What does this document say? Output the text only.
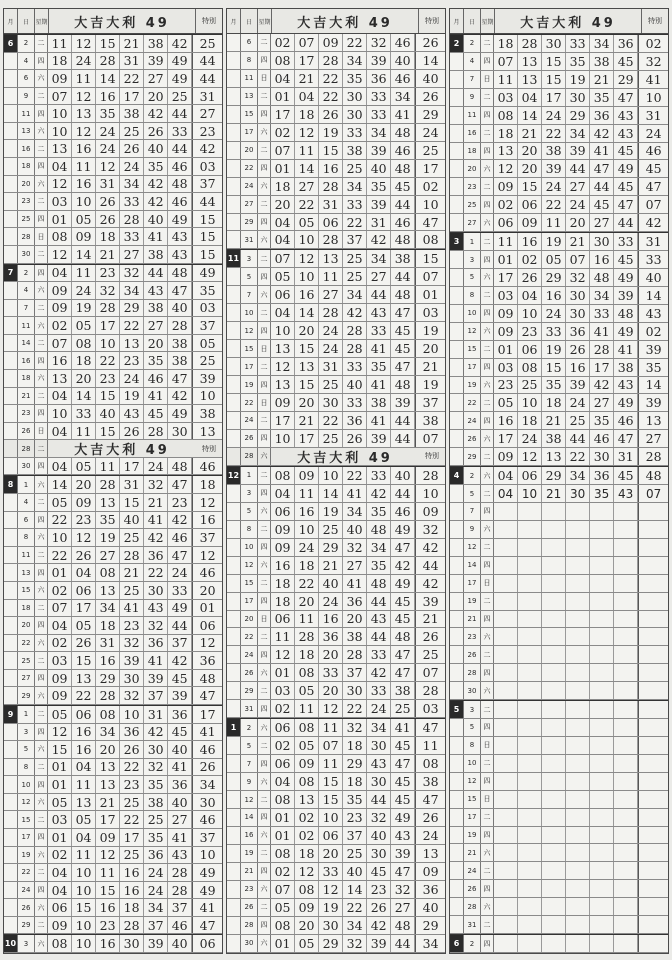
月	日	星期	大吉大利 49	特別
6	2	二 11 12 15 21 38 42 25
4	四 18 24 28 31 39 49 44
6	六 09 11 14 22 27 49 44
9	二 07 12 16 17 20 25 31
11	四 10 13 35 38 42 44 27
13	六 10 12 24 25 26 33 23
16	二 13 16 24 26 40 44 42
18	四 04 11 12 24 35 46 03
20	六 12 16 31 34 42 48 37
23	二 03 10 26 33 42 46 44
25	四 01 05 26 28 40 49 15
28	日 08 09 18 33 41 43 15
30	二 12 14 21 27 38 43 15
7	2	四 04 11 23 32 44 48 49
4	六 09 24 32 34 43 47 35
7	二 09 19 28 29 38 40 03
11	六 02 05 17 22 27 28 37
14	二 07 08 10 13 20 38 05
16	四 16 18 22 23 35 38 25
18	六 13 20 23 24 46 47 39
21	二 04 14 15 19 41 42 10
23	四 10 33 40 43 45 49 38
26	日 04 11 15 26 28 30 13
28	二	大吉大利 49	特別
30	四 04 05 11 17 24 48 46
8	1	六 14 20 28 31 32 47 18
4	二 05 09 13 15 21 23 12
6	四 22 23 35 40 41 42 16
8	六 10 12 19 25 42 46 37
11	二 22 26 27 28 36 47 12
13	四 01 04 08 21 22 24 46
15	六 02 06 13 25 30 33 20
18	二 07 17 34 41 43 49 01
20	四 04 05 18 23 32 44 06
22	六 02 26 31 32 36 37 12
25	二 03 15 16 39 41 42 36
27	四 09 13 29 30 39 45 48
29	六 09 22 28 32 37 39 47
9	1	二 05 06 08 10 31 36 17
3	四 12 16 34 36 42 45 41
5	六 15 16 20 26 30 40 46
8	二 01 04 13 22 32 41 26
10	四 01 11 13 23 35 36 34
12	六 05 13 21 25 38 40 30
15	二 03 05 17 22 25 27 46
17	四 01 04 09 17 35 41 37
19	六 02 11 12 25 36 43 10
22	二 04 10 11 16 24 28 49
24	四 04 10 15 16 24 28 49
26	六 06 15 16 18 34 37 41
29	二 09 10 23 28 37 46 47
10	3	六 08 10 16 30 39 40 06
月	日	星期	大吉大利 49	特別
6	二 02 07 09 22 32 46 26
8	四 08 17 28 34 39 40 14
11	日 04 21 22 35 36 46 40
13	二 01 04 22 30 33 34 26
15	四 17 18 26 30 33 41 29
17	六 02 12 19 33 34 48 24
20	二 07 11 15 38 39 46 25
22	四 01 14 16 25 40 48 17
24	六 18 27 28 34 35 45 02
27	二 20 22 31 33 39 44 10
29	四 04 05 06 22 31 46 47
31	六 04 10 28 37 42 48 08
11	3	二 07 12 13 25 34 38 15
5	四 05 10 11 25 27 44 07
7	六 06 16 27 34 44 48 01
10	二 04 14 28 42 43 47 03
12	四 10 20 24 28 33 45 19
15	日 13 15 24 28 41 45 20
17	二 12 13 31 33 35 47 21
19	四 13 15 25 40 41 48 19
22	日 09 20 30 33 38 39 37
24	二 17 21 22 36 41 44 38
26	四 10 17 25 26 39 44 07
28	六	大吉大利 49	特別
12	1	二 08 09 10 22 33 40 28
3	四 04 11 14 41 42 44 10
5	六 06 16 19 34 35 46 09
8	二 09 10 25 40 48 49 32
10	四 09 24 29 32 34 47 42
12	六 16 18 21 27 35 42 44
15	二 18 22 40 41 48 49 42
17	四 18 20 24 36 44 45 39
20	日 06 11 16 20 43 45 21
22	二 11 28 36 38 44 48 26
24	四 12 18 20 28 33 47 25
26	六 01 08 33 37 42 47 07
29	二 03 05 20 30 33 38 28
31	四 02 11 12 22 24 25 03
1	2	六 06 08 11 32 34 41 47
5	二 02 05 07 18 30 45 11
7	四 06 09 11 29 43 47 08
9	六 04 08 15 18 30 45 38
12	二 08 13 15 35 44 45 47
14	四 01 02 10 23 32 49 26
16	六 01 02 06 37 40 43 24
19	二 08 18 20 25 30 39 13
21	四 02 12 33 40 45 47 09
23	六 07 08 12 14 23 32 36
26	二 05 09 19 22 26 27 40
28	四 08 20 30 34 42 48 29
30	六 01 05 29 32 39 44 34
月	日	星期	大吉大利 49	特別
2	2	二 18 28 30 33 34 36 02
4	四 07 13 15 35 38 45 32
7	日 11 13 15 19 21 29 41
9	二 03 04 17 30 35 47 10
11	四 08 14 24 29 36 43 31
16	二 18 21 22 34 42 43 24
18	四 13 20 38 39 41 45 46
20	六 12 20 39 44 47 49 45
23	二 09 15 24 27 44 45 47
25	四 02 06 22 24 45 47 07
27	六 06 09 11 20 27 44 42
3	1	二 11 16 19 21 30 33 31
3	四 01 02 05 07 16 45 33
5	六 17 26 29 32 48 49 40
8	二 03 04 16 30 34 39 14
10	四 09 10 24 30 33 48 43
12	六 09 23 33 36 41 49 02
15	二 01 06 19 26 28 41 39
17	四 03 08 15 16 17 38 35
19	六 23 25 35 39 42 43 14
22	二 05 10 18 24 27 49 39
24	四 16 18 21 25 35 46 13
26	六 17 24 38 44 46 47 27
29	二 09 12 13 22 30 31 28
4	2	六 04 06 29 34 36 45 48
5	二 04 10 21 30 35 43	07
7	四
9	六
12	二
14	四
17	日
19	二
21	四
23	六
26	二
28	四
30	六
5	3	二
5	四
8	日
10	二
12	四
15	日
17	二
19	四
21	六
24	二
26	四
28	六
31	二
6	2	四
